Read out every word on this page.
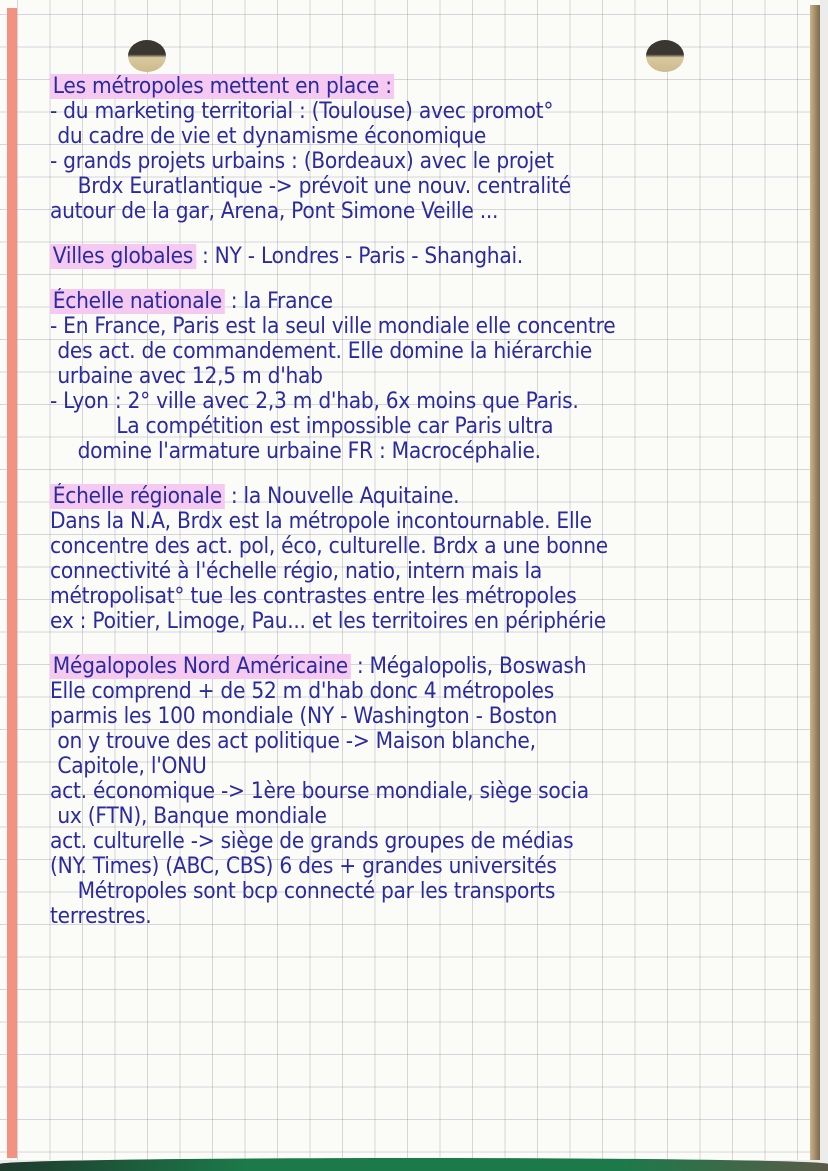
Les métropoles mettent en place :
- du marketing territorial : (Toulouse) avec promot°
du cadre de vie et dynamisme économique
- grands projets urbains : (Bordeaux) avec le projet
Brdx Euratlantique -> prévoit une nouv. centralité
autour de la gar, Arena, Pont Simone Veille ...
Villes globales : NY - Londres - Paris - Shanghai.
Échelle nationale : la France
- En France, Paris est la seul ville mondiale elle concentre
des act. de commandement. Elle domine la hiérarchie
urbaine avec 12,5 m d'hab
- Lyon : 2° ville avec 2,3 m d'hab, 6x moins que Paris.
La compétition est impossible car Paris ultra
domine l'armature urbaine FR : Macrocéphalie.
Échelle régionale : la Nouvelle Aquitaine.
Dans la N.A, Brdx est la métropole incontournable. Elle
concentre des act. pol, éco, culturelle. Brdx a une bonne
connectivité à l'échelle régio, natio, intern mais la
métropolisat° tue les contrastes entre les métropoles
ex : Poitier, Limoge, Pau... et les territoires en périphérie
Mégalopoles Nord Américaine : Mégalopolis, Boswash
Elle comprend + de 52 m d'hab donc 4 métropoles
parmis les 100 mondiale (NY - Washington - Boston
on y trouve des act politique -> Maison blanche,
Capitole, l'ONU
act. économique -> 1ère bourse mondiale, siège socia
ux (FTN), Banque mondiale
act. culturelle -> siège de grands groupes de médias
(NY. Times) (ABC, CBS) 6 des + grandes universités
Métropoles sont bcp connecté par les transports
terrestres.
